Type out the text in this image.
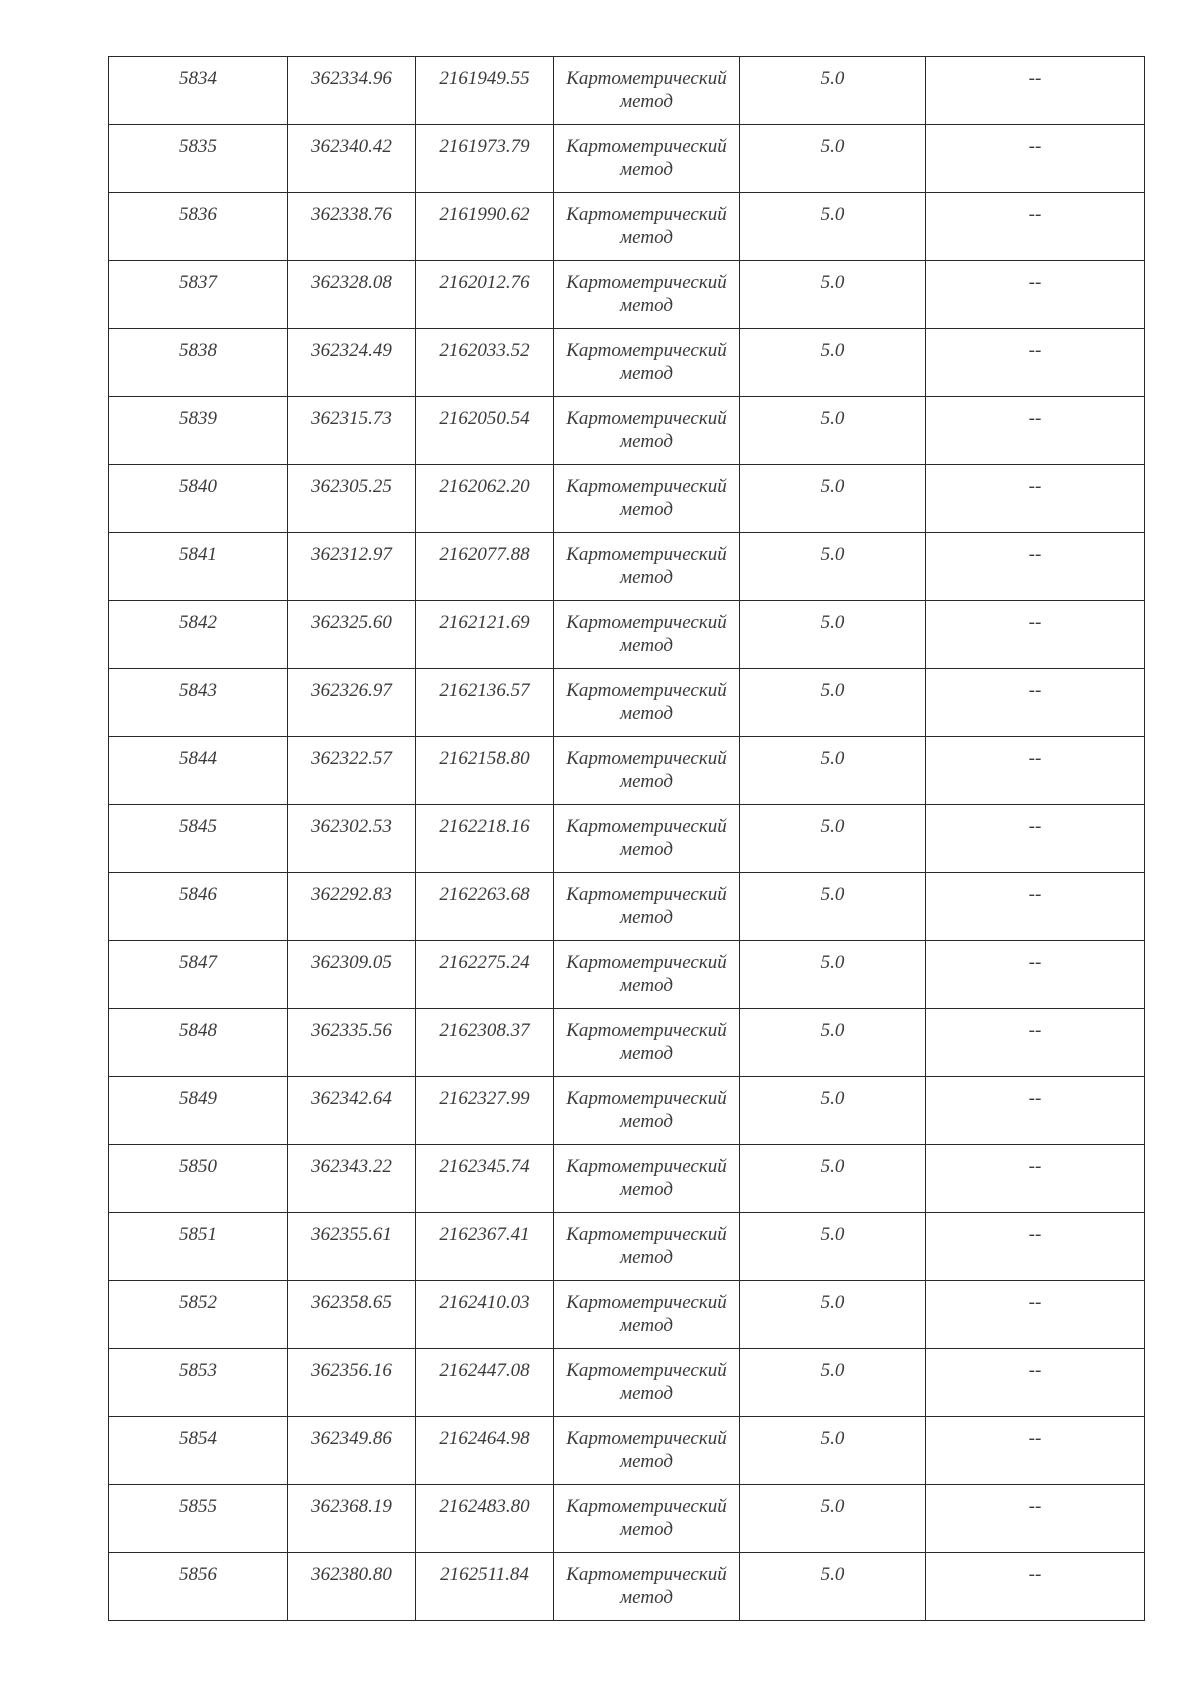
5834	362334.96	2161949.55	Картометрический метод	5.0	--
5835	362340.42	2161973.79	Картометрический метод	5.0	--
5836	362338.76	2161990.62	Картометрический метод	5.0	--
5837	362328.08	2162012.76	Картометрический метод	5.0	--
5838	362324.49	2162033.52	Картометрический метод	5.0	--
5839	362315.73	2162050.54	Картометрический метод	5.0	--
5840	362305.25	2162062.20	Картометрический метод	5.0	--
5841	362312.97	2162077.88	Картометрический метод	5.0	--
5842	362325.60	2162121.69	Картометрический метод	5.0	--
5843	362326.97	2162136.57	Картометрический метод	5.0	--
5844	362322.57	2162158.80	Картометрический метод	5.0	--
5845	362302.53	2162218.16	Картометрический метод	5.0	--
5846	362292.83	2162263.68	Картометрический метод	5.0	--
5847	362309.05	2162275.24	Картометрический метод	5.0	--
5848	362335.56	2162308.37	Картометрический метод	5.0	--
5849	362342.64	2162327.99	Картометрический метод	5.0	--
5850	362343.22	2162345.74	Картометрический метод	5.0	--
5851	362355.61	2162367.41	Картометрический метод	5.0	--
5852	362358.65	2162410.03	Картометрический метод	5.0	--
5853	362356.16	2162447.08	Картометрический метод	5.0	--
5854	362349.86	2162464.98	Картометрический метод	5.0	--
5855	362368.19	2162483.80	Картометрический метод	5.0	--
5856	362380.80	2162511.84	Картометрический метод	5.0	--
